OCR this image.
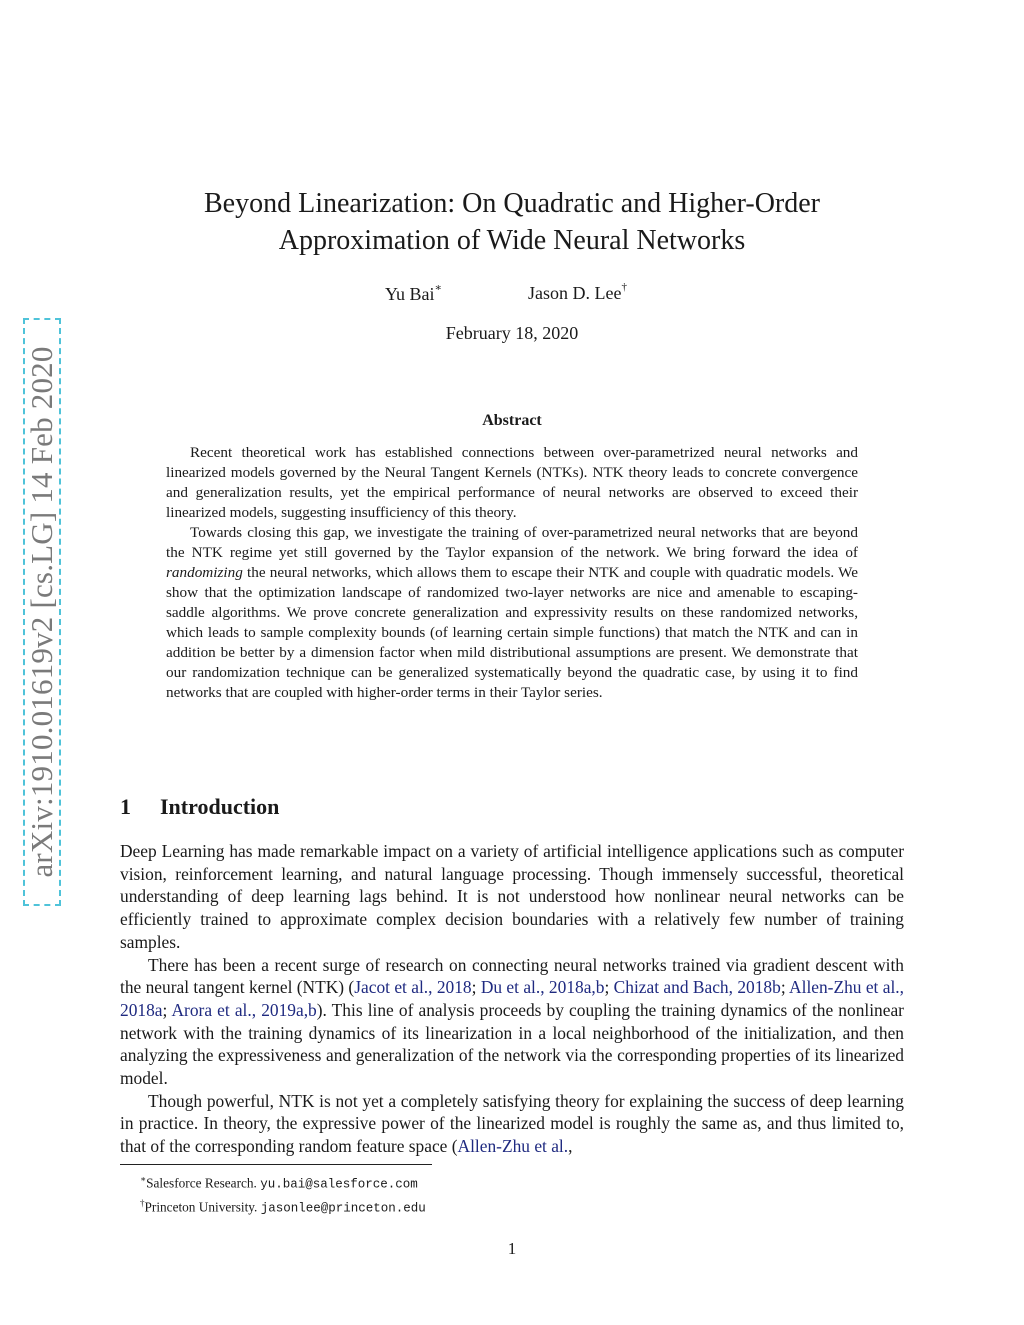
arXiv:1910.01619v2 [cs.LG] 14 Feb 2020
Beyond Linearization: On Quadratic and Higher-Order
Approximation of Wide Neural Networks
Yu Bai∗	Jason D. Lee†
February 18, 2020
Abstract

Recent theoretical work has established connections between over-parametrized neural networks and linearized models governed by the Neural Tangent Kernels (NTKs). NTK theory leads to concrete convergence and generalization results, yet the empirical performance of neural networks are observed to exceed their linearized models, suggesting insufficiency of this theory.

Towards closing this gap, we investigate the training of over-parametrized neural networks that are beyond the NTK regime yet still governed by the Taylor expansion of the network. We bring forward the idea of randomizing the neural networks, which allows them to escape their NTK and couple with quadratic models. We show that the optimization landscape of randomized two-layer networks are nice and amenable to escaping-saddle algorithms. We prove concrete generalization and expressivity results on these randomized networks, which leads to sample complexity bounds (of learning certain simple functions) that match the NTK and can in addition be better by a dimension factor when mild distributional assumptions are present. We demonstrate that our randomization technique can be generalized systematically beyond the quadratic case, by using it to find networks that are coupled with higher-order terms in their Taylor series.

1 Introduction

Deep Learning has made remarkable impact on a variety of artificial intelligence applications such as computer vision, reinforcement learning, and natural language processing. Though immensely successful, theoretical understanding of deep learning lags behind. It is not understood how nonlinear neural networks can be efficiently trained to approximate complex decision boundaries with a relatively few number of training samples.

There has been a recent surge of research on connecting neural networks trained via gradient descent with the neural tangent kernel (NTK) (Jacot et al., 2018; Du et al., 2018a,b; Chizat and Bach, 2018b; Allen-Zhu et al., 2018a; Arora et al., 2019a,b). This line of analysis proceeds by coupling the training dynamics of the nonlinear network with the training dynamics of its linearization in a local neighborhood of the initialization, and then analyzing the expressiveness and generalization of the network via the corresponding properties of its linearized model.

Though powerful, NTK is not yet a completely satisfying theory for explaining the success of deep learning in practice. In theory, the expressive power of the linearized model is roughly the same as, and thus limited to, that of the corresponding random feature space (Allen-Zhu et al.,

∗Salesforce Research. yu.bai@salesforce.com
†Princeton University. jasonlee@princeton.edu
1
